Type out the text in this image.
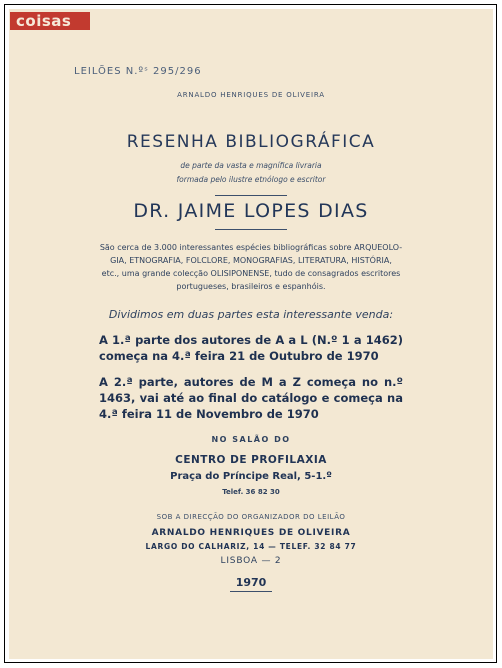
coisas
LEILÕES N.ºˢ 295/296
ARNALDO HENRIQUES DE OLIVEIRA
RESENHA BIBLIOGRÁFICA
de parte da vasta e magnífica livraria
formada pelo ilustre etnólogo e escritor
DR. JAIME LOPES DIAS
São cerca de 3.000 interessantes espécies bibliográficas sobre ARQUEOLO-
GIA, ETNOGRAFIA, FOLCLORE, MONOGRAFIAS, LITERATURA, HISTÓRIA,
etc., uma grande colecção OLISIPONENSE, tudo de consagrados escritores
portugueses, brasileiros e espanhóis.
Dividimos em duas partes esta interessante venda:
A 1.ª parte dos autores de A a L (N.º 1 a 1462) começa na 4.ª feira 21 de Outubro de 1970
A 2.ª parte, autores de M a Z começa no n.º 1463, vai até ao final do catálogo e começa na 4.ª feira 11 de Novembro de 1970
NO SALÃO DO
CENTRO DE PROFILAXIA
Praça do Príncipe Real, 5-1.º
Telef. 36 82 30
SOB A DIRECÇÃO DO ORGANIZADOR DO LEILÃO
ARNALDO HENRIQUES DE OLIVEIRA
LARGO DO CALHARIZ, 14 — TELEF. 32 84 77
LISBOA — 2
1970
